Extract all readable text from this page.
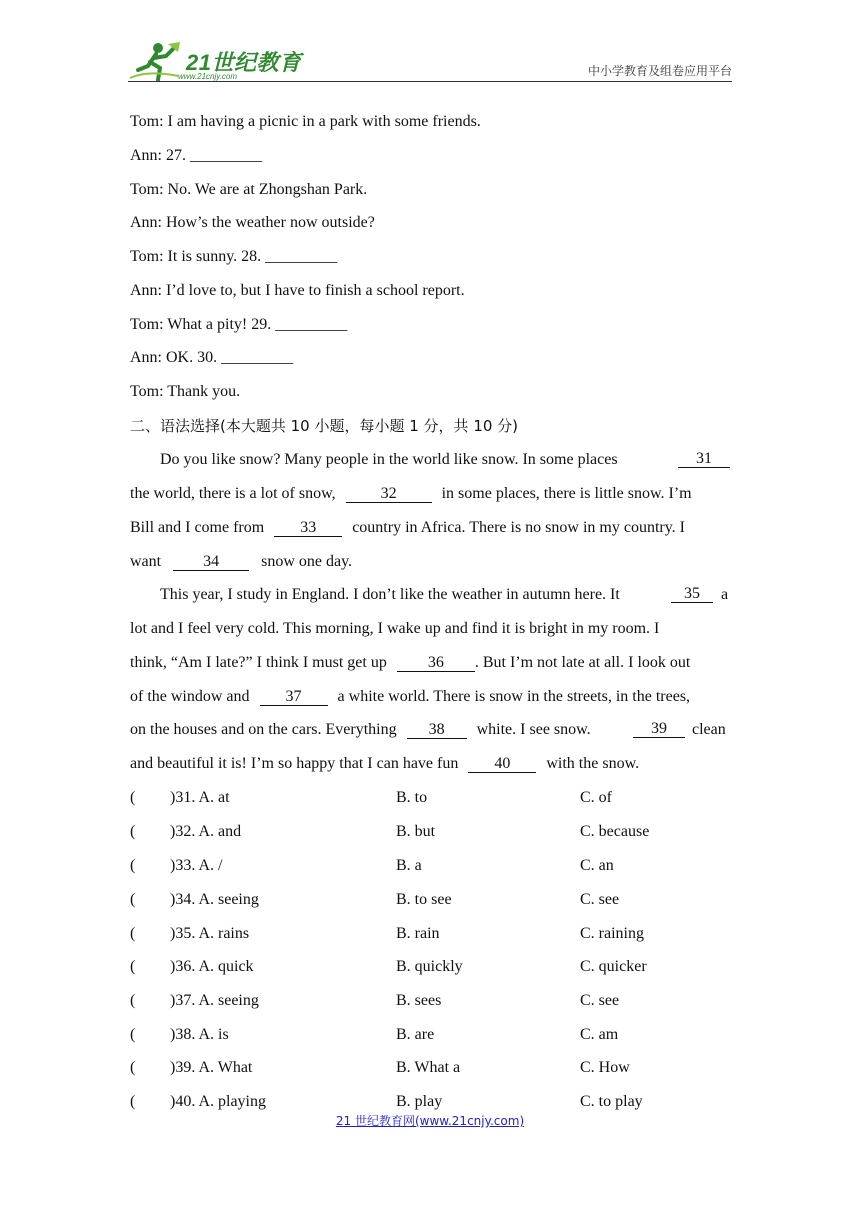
21世纪教育
www.21cnjy.com	中小学教育及组卷应用平台
Tom: I am having a picnic in a park with some friends.
Ann: 27. _________
Tom: No. We are at Zhongshan Park.
Ann: How’s the weather now outside?
Tom: It is sunny. 28. _________
Ann: I’d love to, but I have to finish a school report.
Tom: What a pity! 29. _________
Ann: OK. 30. _________
Tom: Thank you.
二、语法选择(本大题共 10 小题，每小题 1 分，共 10 分)
Do you like snow? Many people in the world like snow. In some places	31
the world, there is a lot of snow,	32	in some places, there is little snow. I’m
Bill and I come from 33 country in Africa. There is no snow in my country. I
want	34	snow one day.
This year, I study in England. I don’t like the weather in autumn here. It	35	a
lot and I feel very cold. This morning, I wake up and find it is bright in my room. I
think, “Am I late?” I think I must get up	36 . But I’m not late at all. I look out
of the window and 37 a white world. There is snow in the streets, in the trees,
on the houses and on the cars. Everything 38 white. I see snow.	39	clean
and beautiful it is! I’m so happy that I can have fun 40 with the snow.
( )31. A. at	B. to	C. of
( )32. A. and	B. but	C. because
( )33. A. /	B. a	C. an
( )34. A. seeing	B. to see	C. see
( )35. A. rains	B. rain	C. raining
( )36. A. quick	B. quickly	C. quicker
( )37. A. seeing	B. sees	C. see
( )38. A. is	B. are	C. am
( )39. A. What	B. What a	C. How
( )40. A. playing	B. play	C. to play
21 世纪教育网(www.21cnjy.com)
